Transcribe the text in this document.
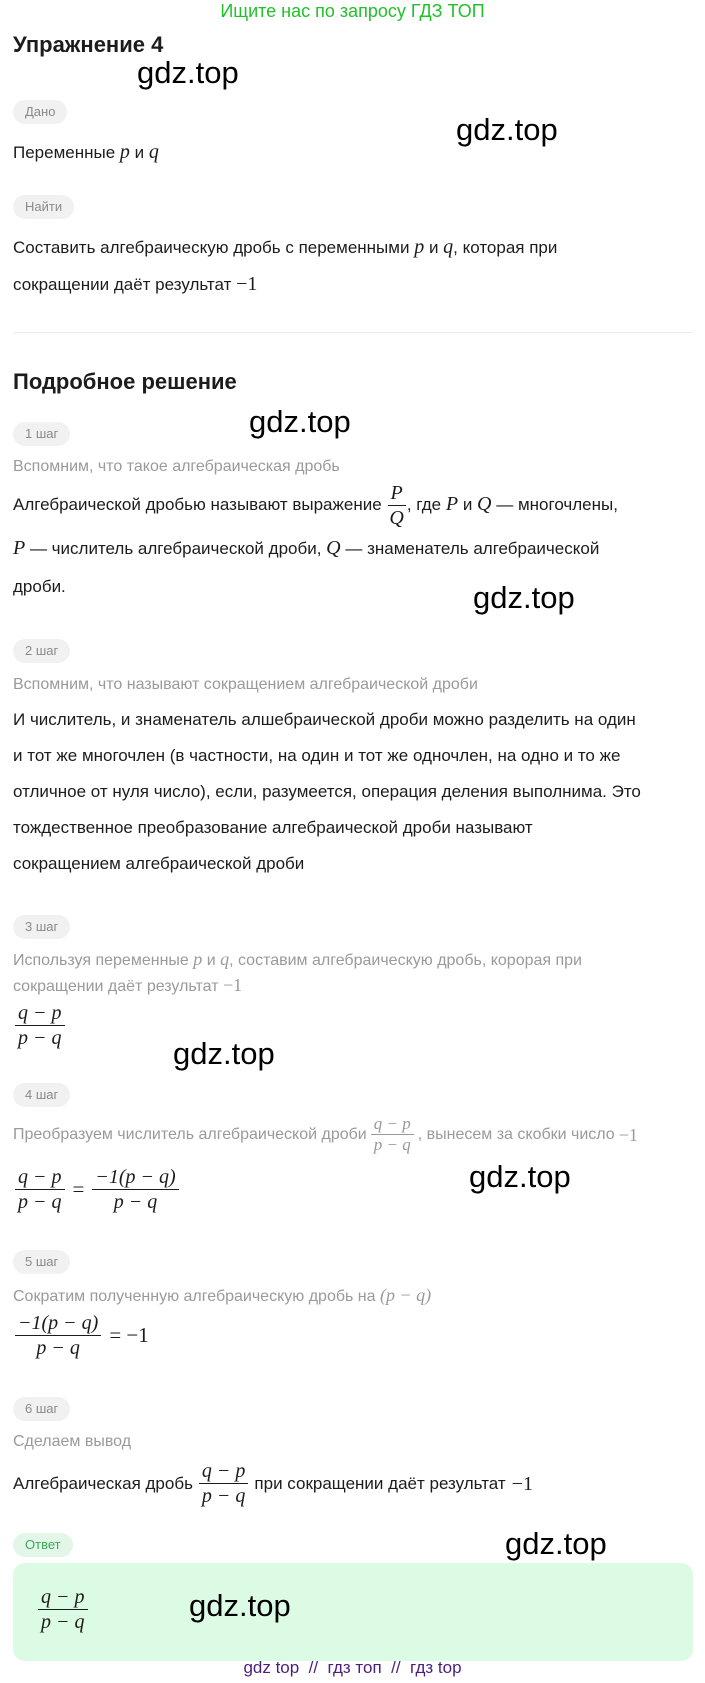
Ищите нас по запросу ГДЗ ТОП
Упражнение 4
gdz.top
Дано
gdz.top
Переменные p и q
Найти
Составить алгебраическую дробь с переменными p и q, которая при
сокращении даёт результат −1
Подробное решение
gdz.top
1 шаг
Вспомним, что такое алгебраическая дробь
Алгебраической дробью называют выражение $\frac{P}{Q}$ , где P и Q — многочлены,
P — числитель алгебраической дроби, Q — знаменатель алгебраической
дроби.	gdz.top
2 шаг
Вспомним, что называют сокращением алгебраической дроби
И числитель, и знаменатель алшебраической дроби можно разделить на один
и тот же многочлен (в частности, на один и тот же одночлен, на одно и то же
отличное от нуля число), если, разумеется, операция деления выполнима. Это
тождественное преобразование алгебраической дроби называют
сокращением алгебраической дроби
3 шаг
Используя переменные p и q, составим алгебраическую дробь, корорая при
сокращении даёт результат −1
$\frac{q - p}{p - q}$
gdz.top
4 шаг
Преобразуем числитель алгебраической дроби $\frac{q - p}{p - q}$ , вынесем за скобки число −1
$\frac{q - p}{p - q} = \frac{-1(p - q)}{p - q}$	gdz.top
5 шаг
Сократим полученную алгебраическую дробь на (p − q)
$\frac{-1(p - q)}{p - q} = -1$
6 шаг
Сделаем вывод
Алгебраическая дробь $\frac{q - p}{p - q}$ при сокращении даёт результат −1
Ответ	gdz.top
$\frac{q - p}{p - q}$	gdz.top
gdz top  //  гдз топ  //  гдз top
